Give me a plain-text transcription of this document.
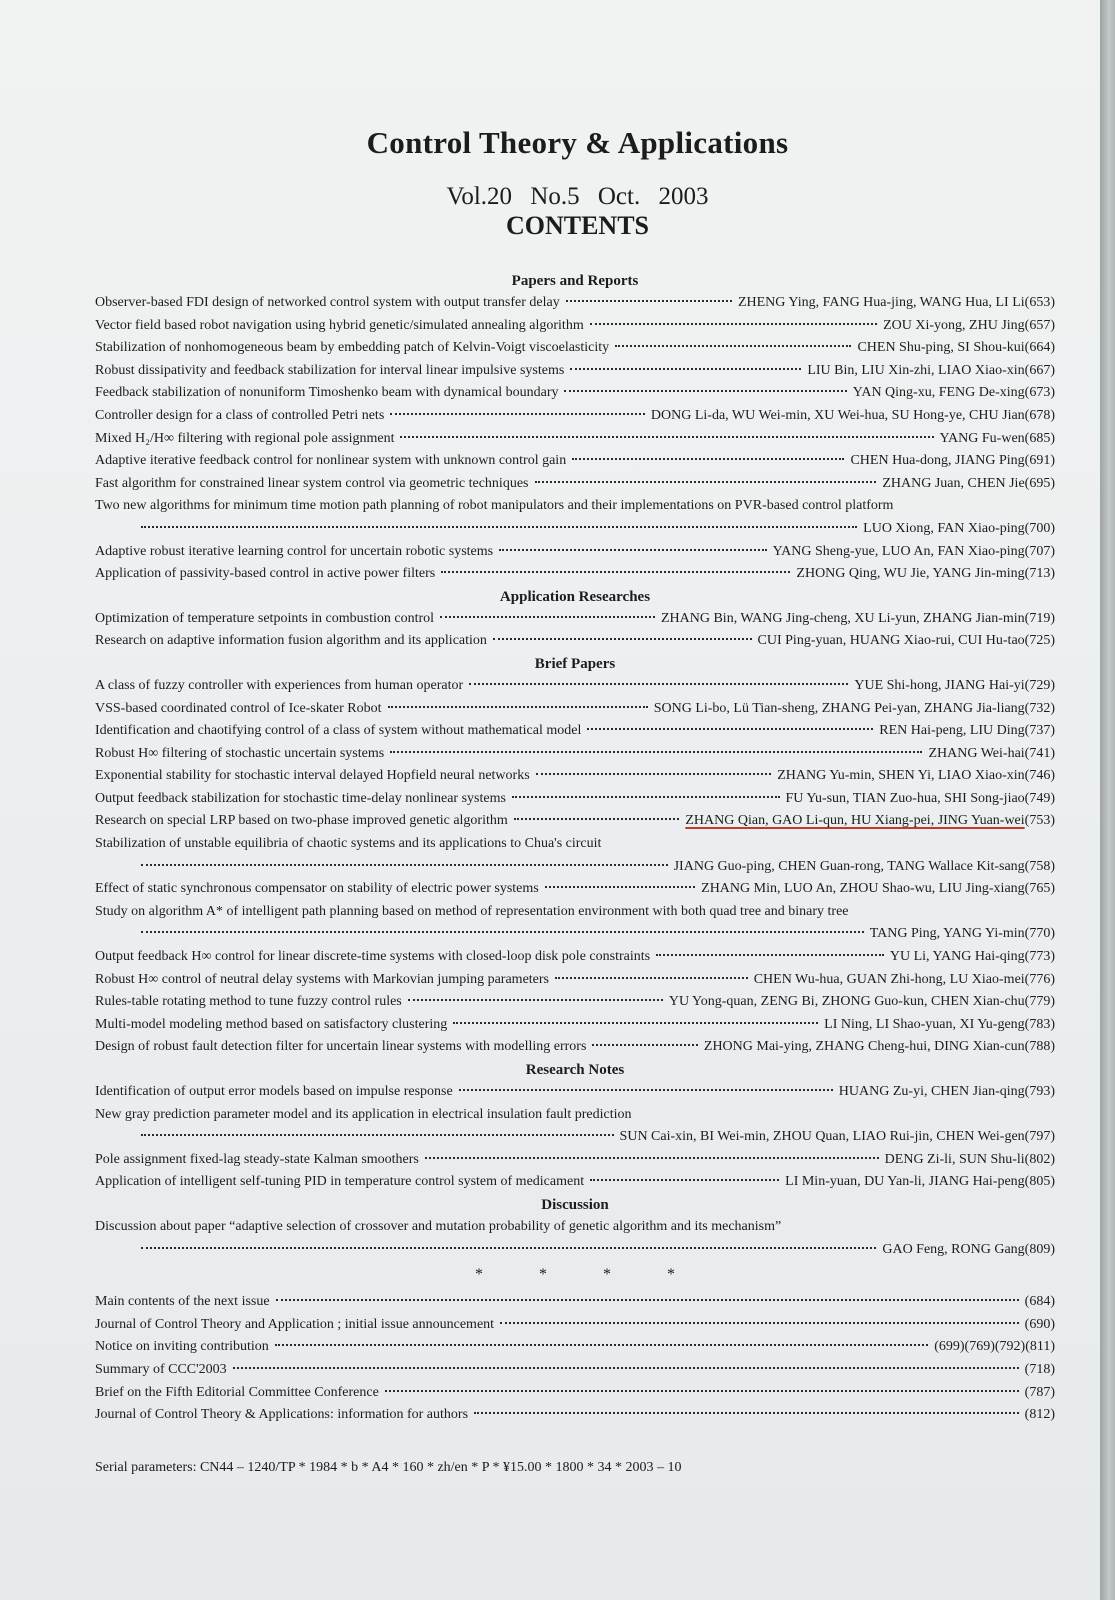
Control Theory & Applications
Vol.20 No.5 Oct. 2003
CONTENTS
Papers and Reports
Observer-based FDI design of networked control system with output transfer delay	ZHENG Ying, FANG Hua-jing, WANG Hua, LI Li(653)
Vector field based robot navigation using hybrid genetic/simulated annealing algorithm	ZOU Xi-yong, ZHU Jing(657)
Stabilization of nonhomogeneous beam by embedding patch of Kelvin-Voigt viscoelasticity	CHEN Shu-ping, SI Shou-kui(664)
Robust dissipativity and feedback stabilization for interval linear impulsive systems	LIU Bin, LIU Xin-zhi, LIAO Xiao-xin(667)
Feedback stabilization of nonuniform Timoshenko beam with dynamical boundary	YAN Qing-xu, FENG De-xing(673)
Controller design for a class of controlled Petri nets	DONG Li-da, WU Wei-min, XU Wei-hua, SU Hong-ye, CHU Jian(678)
Mixed H₂/H∞ filtering with regional pole assignment	YANG Fu-wen(685)
Adaptive iterative feedback control for nonlinear system with unknown control gain	CHEN Hua-dong, JIANG Ping(691)
Fast algorithm for constrained linear system control via geometric techniques	ZHANG Juan, CHEN Jie(695)
Two new algorithms for minimum time motion path planning of robot manipulators and their implementations on PVR-based control platform
LUO Xiong, FAN Xiao-ping(700)
Adaptive robust iterative learning control for uncertain robotic systems	YANG Sheng-yue, LUO An, FAN Xiao-ping(707)
Application of passivity-based control in active power filters	ZHONG Qing, WU Jie, YANG Jin-ming(713)
Application Researches
Optimization of temperature setpoints in combustion control	ZHANG Bin, WANG Jing-cheng, XU Li-yun, ZHANG Jian-min(719)
Research on adaptive information fusion algorithm and its application	CUI Ping-yuan, HUANG Xiao-rui, CUI Hu-tao(725)
Brief Papers
A class of fuzzy controller with experiences from human operator	YUE Shi-hong, JIANG Hai-yi(729)
VSS-based coordinated control of Ice-skater Robot	SONG Li-bo, Lü Tian-sheng, ZHANG Pei-yan, ZHANG Jia-liang(732)
Identification and chaotifying control of a class of system without mathematical model	REN Hai-peng, LIU Ding(737)
Robust H∞ filtering of stochastic uncertain systems	ZHANG Wei-hai(741)
Exponential stability for stochastic interval delayed Hopfield neural networks	ZHANG Yu-min, SHEN Yi, LIAO Xiao-xin(746)
Output feedback stabilization for stochastic time-delay nonlinear systems	FU Yu-sun, TIAN Zuo-hua, SHI Song-jiao(749)
Research on special LRP based on two-phase improved genetic algorithm	ZHANG Qian, GAO Li-qun, HU Xiang-pei, JING Yuan-wei(753)
Stabilization of unstable equilibria of chaotic systems and its applications to Chua's circuit
JIANG Guo-ping, CHEN Guan-rong, TANG Wallace Kit-sang(758)
Effect of static synchronous compensator on stability of electric power systems	ZHANG Min, LUO An, ZHOU Shao-wu, LIU Jing-xiang(765)
Study on algorithm A* of intelligent path planning based on method of representation environment with both quad tree and binary tree
TANG Ping, YANG Yi-min(770)
Output feedback H∞ control for linear discrete-time systems with closed-loop disk pole constraints	YU Li, YANG Hai-qing(773)
Robust H∞ control of neutral delay systems with Markovian jumping parameters	CHEN Wu-hua, GUAN Zhi-hong, LU Xiao-mei(776)
Rules-table rotating method to tune fuzzy control rules	YU Yong-quan, ZENG Bi, ZHONG Guo-kun, CHEN Xian-chu(779)
Multi-model modeling method based on satisfactory clustering	LI Ning, LI Shao-yuan, XI Yu-geng(783)
Design of robust fault detection filter for uncertain linear systems with modelling errors	ZHONG Mai-ying, ZHANG Cheng-hui, DING Xian-cun(788)
Research Notes
Identification of output error models based on impulse response	HUANG Zu-yi, CHEN Jian-qing(793)
New gray prediction parameter model and its application in electrical insulation fault prediction
SUN Cai-xin, BI Wei-min, ZHOU Quan, LIAO Rui-jin, CHEN Wei-gen(797)
Pole assignment fixed-lag steady-state Kalman smoothers	DENG Zi-li, SUN Shu-li(802)
Application of intelligent self-tuning PID in temperature control system of medicament	LI Min-yuan, DU Yan-li, JIANG Hai-peng(805)
Discussion
Discussion about paper “adaptive selection of crossover and mutation probability of genetic algorithm and its mechanism”
GAO Feng, RONG Gang(809)
* * * *
Main contents of the next issue	(684)
Journal of Control Theory and Application ; initial issue announcement	(690)
Notice on inviting contribution	(699)(769)(792)(811)
Summary of CCC'2003	(718)
Brief on the Fifth Editorial Committee Conference	(787)
Journal of Control Theory & Applications: information for authors	(812)
Serial parameters: CN44 – 1240/TP * 1984 * b * A4 * 160 * zh/en * P * ¥15.00 * 1800 * 34 * 2003 – 10
